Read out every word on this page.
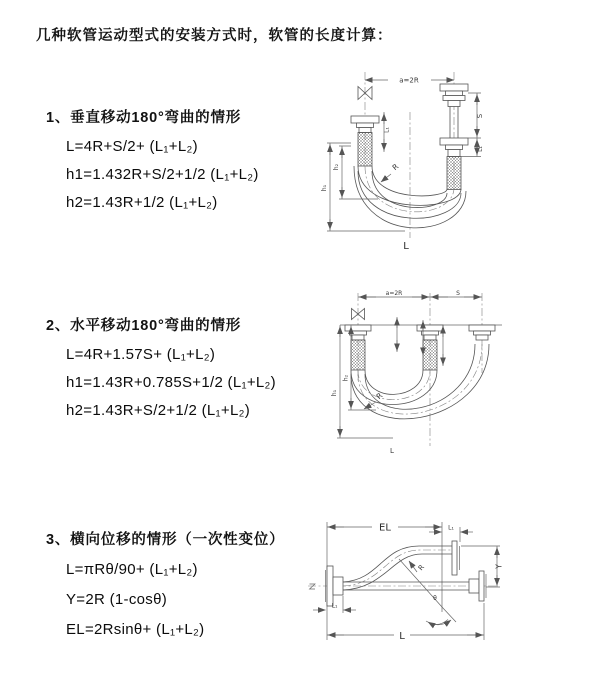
几种软管运动型式的安装方式时，软管的长度计算：
1、垂直移动180°弯曲的情形
L=4R+S/2+ (L₁+L₂)
h1=1.432R+S/2+1/2 (L₁+L₂)
h2=1.43R+1/2 (L₁+L₂)
2、水平移动180°弯曲的情形
L=4R+1.57S+ (L₁+L₂)
h1=1.43R+0.785S+1/2 (L₁+L₂)
h2=1.43R+S/2+1/2 (L₁+L₂)
3、横向位移的情形（一次性变位）
L=πRθ/90+ (L₁+L₂)
Y=2R (1-cosθ)
EL=2Rsinθ+ (L₁+L₂)
a=2R
L₁
S
L₁
h₁
h₂	R
L
a=2R	S
h₁
h₂
R
L
EL	L₁
Y
θ
R
L₁
L
